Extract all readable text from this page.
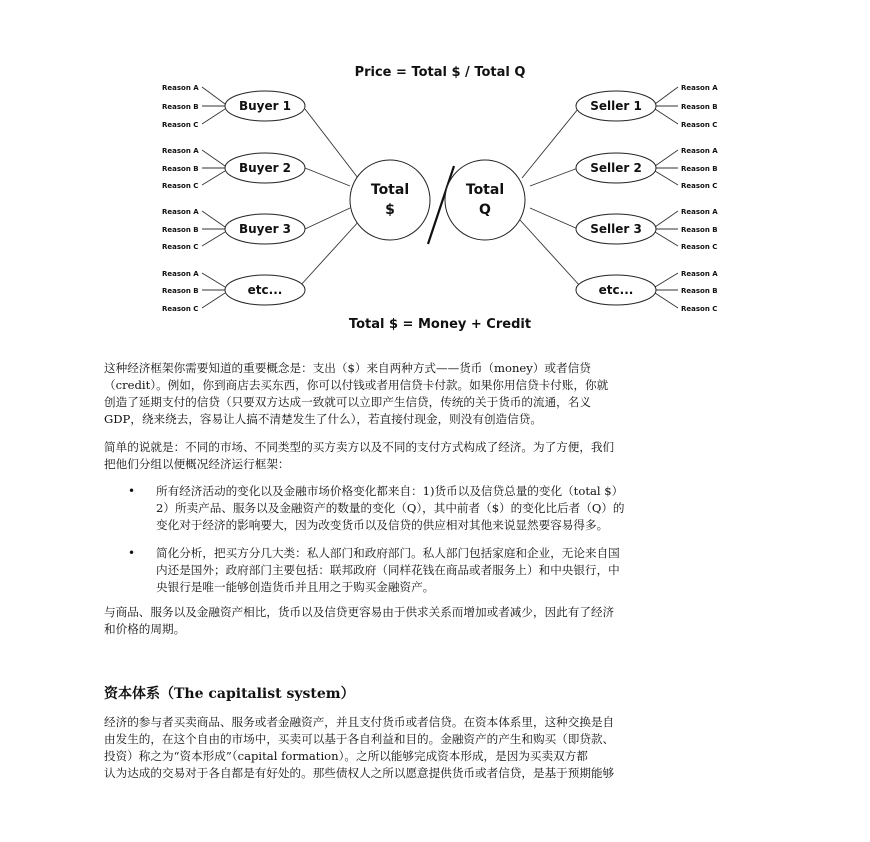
Price = Total $ / Total Q
Reason A
Reason B
Reason C
Reason A
Reason B
Reason C
Reason A
Reason B
Reason C
Reason A
Reason B
Reason C
Reason A
Reason B
Reason C
Reason A
Reason B
Reason C
Reason A
Reason B
Reason C
Reason A
Reason B
Reason C
Buyer 1
Buyer 2
Buyer 3
etc...
Seller 1
Seller 2
Seller 3
etc...
Total
$
Total
Q
Total $ = Money + Credit
这种经济框架你需要知道的重要概念是：支出（$）来自两种方式——货币（money）或者信贷
（credit）。例如，你到商店去买东西，你可以付钱或者用信贷卡付款。如果你用信贷卡付账，你就
创造了延期支付的信贷（只要双方达成一致就可以立即产生信贷，传统的关于货币的流通，名义
GDP，绕来绕去，容易让人搞不清楚发生了什么），若直接付现金，则没有创造信贷。
简单的说就是：不同的市场、不同类型的买方卖方以及不同的支付方式构成了经济。为了方便，我们
把他们分组以便概况经济运行框架：
• 所有经济活动的变化以及金融市场价格变化都来自：1)货币以及信贷总量的变化（total $）
2）所卖产品、服务以及金融资产的数量的变化（Q），其中前者（$）的变化比后者（Q）的
变化对于经济的影响要大，因为改变货币以及信贷的供应相对其他来说显然要容易得多。
• 简化分析，把买方分几大类：私人部门和政府部门。私人部门包括家庭和企业，无论来自国
内还是国外；政府部门主要包括：联邦政府（同样花钱在商品或者服务上）和中央银行，中
央银行是唯一能够创造货币并且用之于购买金融资产。
与商品、服务以及金融资产相比，货币以及信贷更容易由于供求关系而增加或者减少，因此有了经济
和价格的周期。
资本体系（The capitalist system）
经济的参与者买卖商品、服务或者金融资产，并且支付货币或者信贷。在资本体系里，这种交换是自
由发生的，在这个自由的市场中，买卖可以基于各自利益和目的。金融资产的产生和购买（即贷款、
投资）称之为“资本形成”（capital formation）。之所以能够完成资本形成，是因为买卖双方都
认为达成的交易对于各自都是有好处的。那些债权人之所以愿意提供货币或者信贷，是基于预期能够
